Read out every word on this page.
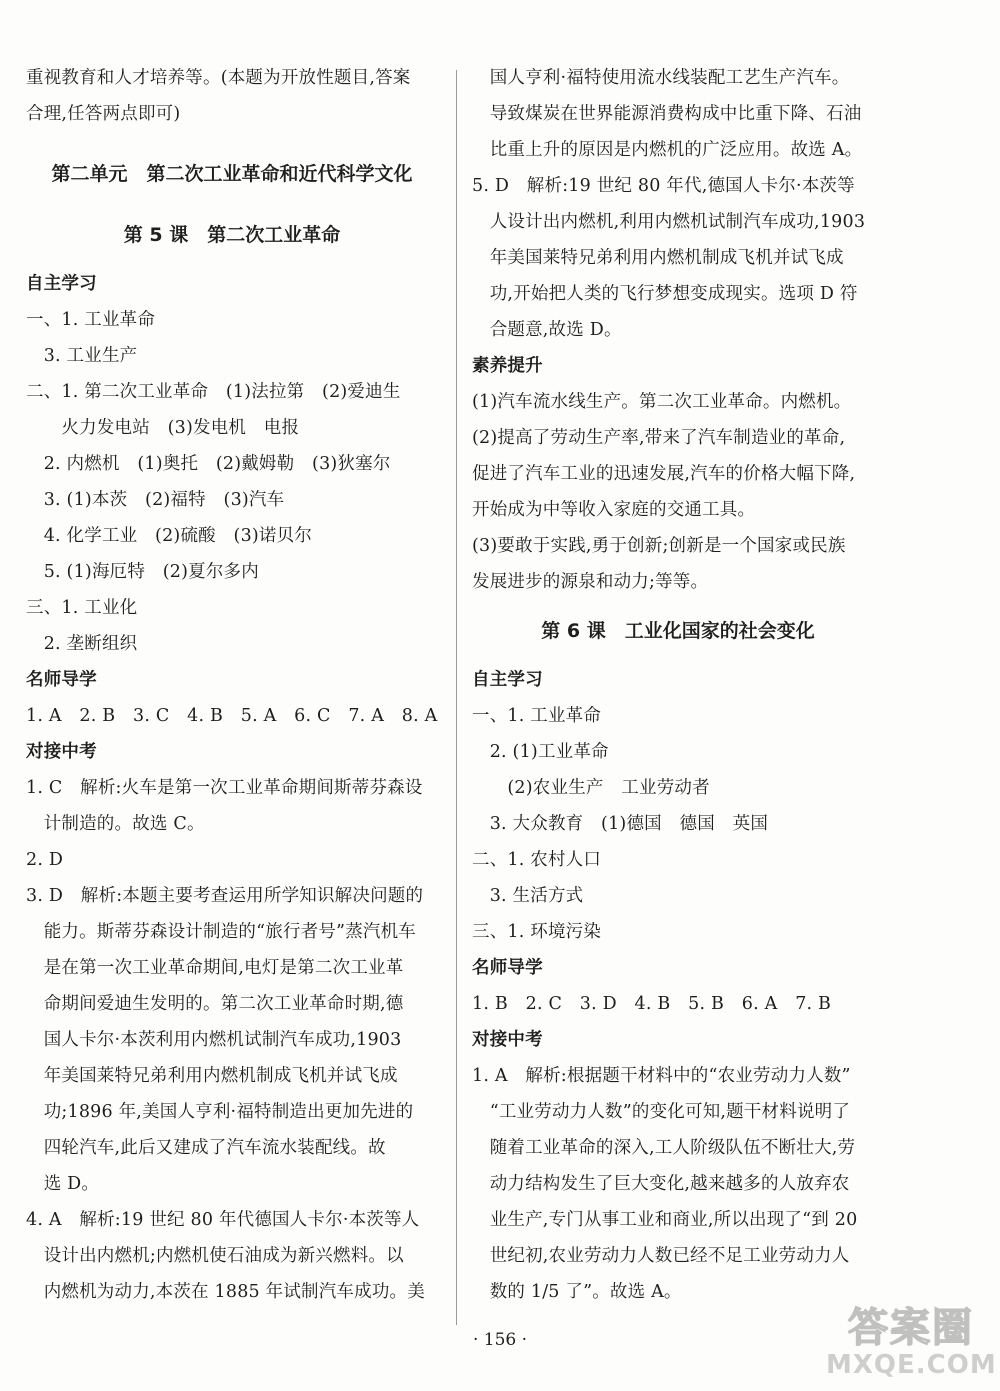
重视教育和人才培养等。(本题为开放性题目,答案
合理,任答两点即可)
第二单元　第二次工业革命和近代科学文化
第 5 课　第二次工业革命
自主学习
一、1. 工业革命
　3. 工业生产
二、1. 第二次工业革命　(1)法拉第　(2)爱迪生
　　火力发电站　(3)发电机　电报
　2. 内燃机　(1)奥托　(2)戴姆勒　(3)狄塞尔
　3. (1)本茨　(2)福特　(3)汽车
　4. 化学工业　(2)硫酸　(3)诺贝尔
　5. (1)海厄特　(2)夏尔多内
三、1. 工业化
　2. 垄断组织
名师导学
1. A　2. B　3. C　4. B　5. A　6. C　7. A　8. A
对接中考
1. C　解析:火车是第一次工业革命期间斯蒂芬森设
　计制造的。故选 C。
2. D
3. D　解析:本题主要考查运用所学知识解决问题的
　能力。斯蒂芬森设计制造的“旅行者号”蒸汽机车
　是在第一次工业革命期间,电灯是第二次工业革
　命期间爱迪生发明的。第二次工业革命时期,德
　国人卡尔·本茨利用内燃机试制汽车成功,1903
　年美国莱特兄弟利用内燃机制成飞机并试飞成
　功;1896 年,美国人亨利·福特制造出更加先进的
　四轮汽车,此后又建成了汽车流水装配线。故
　选 D。
4. A　解析:19 世纪 80 年代德国人卡尔·本茨等人
　设计出内燃机;内燃机使石油成为新兴燃料。以
　内燃机为动力,本茨在 1885 年试制汽车成功。美
　国人亨利·福特使用流水线装配工艺生产汽车。
　导致煤炭在世界能源消费构成中比重下降、石油
　比重上升的原因是内燃机的广泛应用。故选 A。
5. D　解析:19 世纪 80 年代,德国人卡尔·本茨等
　人设计出内燃机,利用内燃机试制汽车成功,1903
　年美国莱特兄弟利用内燃机制成飞机并试飞成
　功,开始把人类的飞行梦想变成现实。选项 D 符
　合题意,故选 D。
素养提升
(1)汽车流水线生产。第二次工业革命。内燃机。
(2)提高了劳动生产率,带来了汽车制造业的革命,
促进了汽车工业的迅速发展,汽车的价格大幅下降,
开始成为中等收入家庭的交通工具。
(3)要敢于实践,勇于创新;创新是一个国家或民族
发展进步的源泉和动力;等等。
第 6 课　工业化国家的社会变化
自主学习
一、1. 工业革命
　2. (1)工业革命
　　(2)农业生产　工业劳动者
　3. 大众教育　(1)德国　德国　英国
二、1. 农村人口
　3. 生活方式
三、1. 环境污染
名师导学
1. B　2. C　3. D　4. B　5. B　6. A　7. B
对接中考
1. A　解析:根据题干材料中的“农业劳动力人数”
　“工业劳动力人数”的变化可知,题干材料说明了
　随着工业革命的深入,工人阶级队伍不断壮大,劳
　动力结构发生了巨大变化,越来越多的人放弃农
　业生产,专门从事工业和商业,所以出现了“到 20
　世纪初,农业劳动力人数已经不足工业劳动力人
　数的 1/5 了”。故选 A。
· 156 ·	答案圈
MXQE.COM
